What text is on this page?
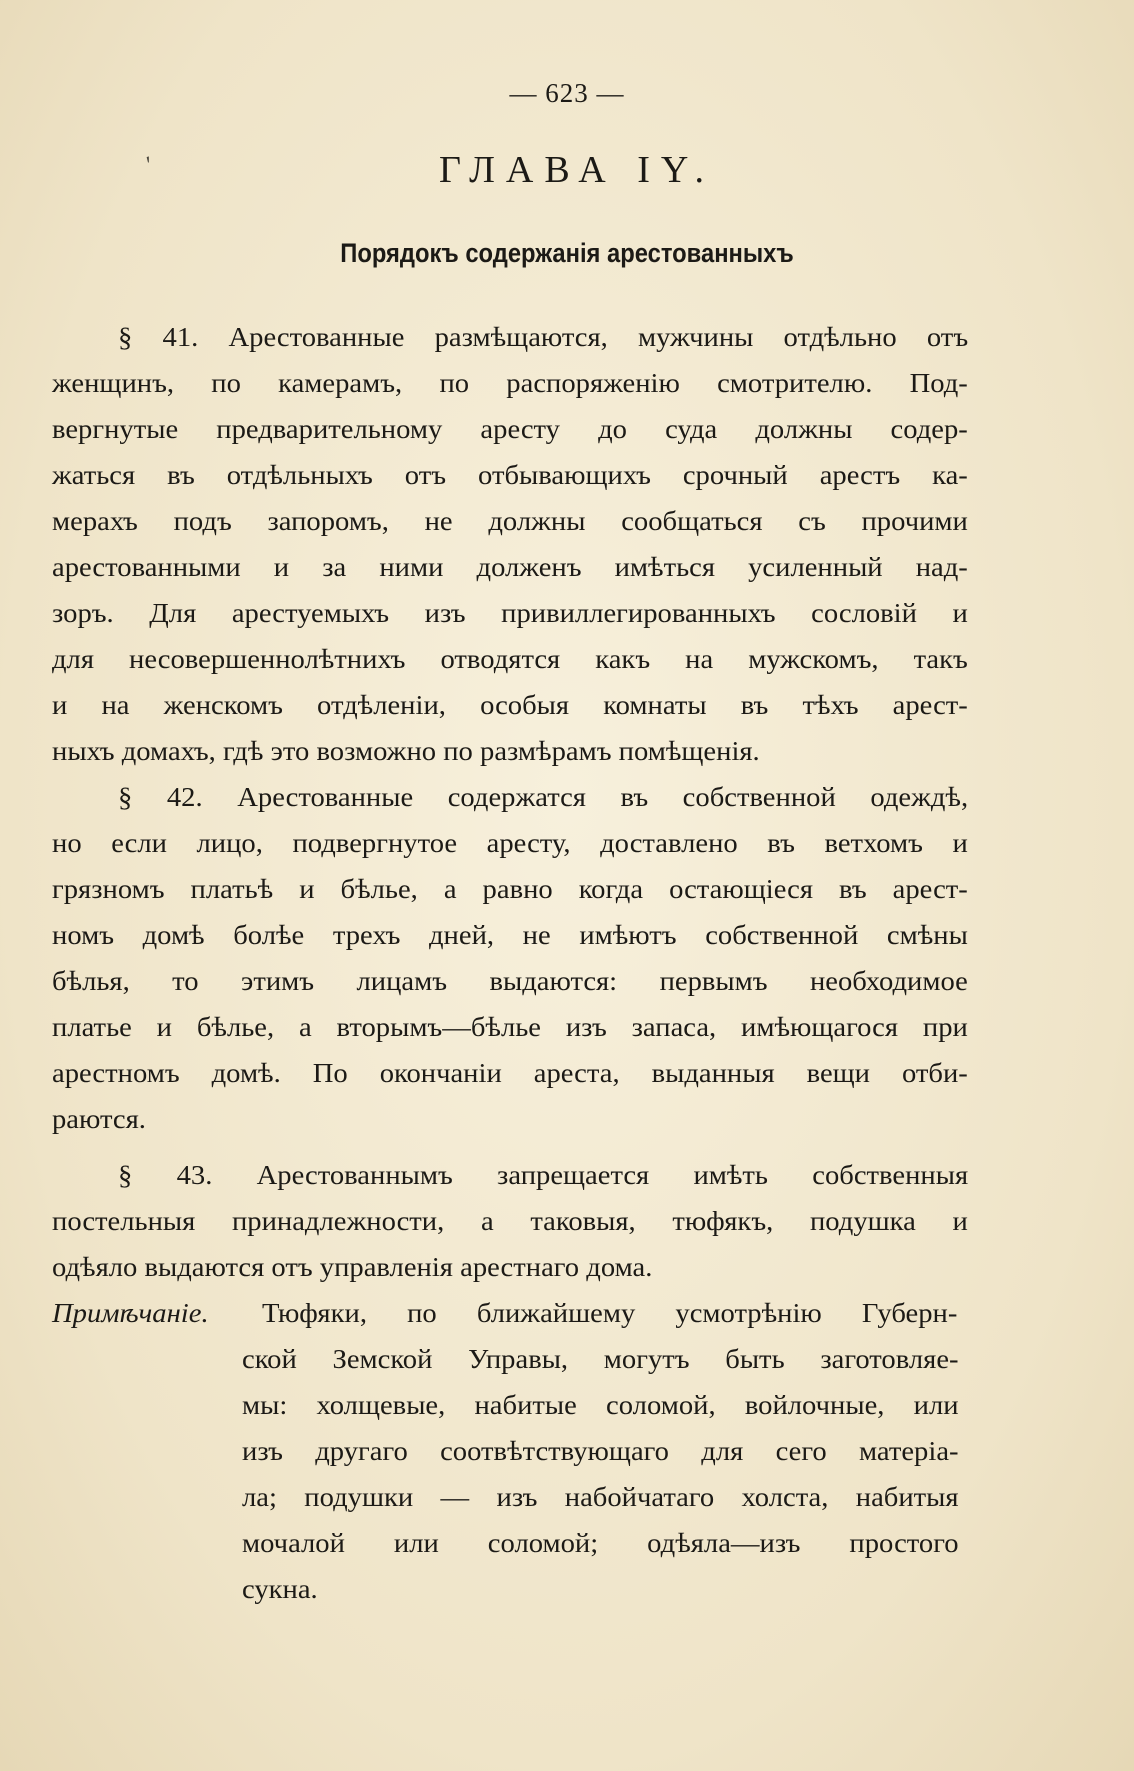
— 623 —
ʹ	ГЛАВА IY.
Порядокъ содержанія арестованныхъ
§ 41. Арестованные размѣщаются, мужчины отдѣльно отъ
женщинъ, по камерамъ, по распоряженію смотрителю. Под-
вергнутые предварительному аресту до суда должны содер-
жаться въ отдѣльныхъ отъ отбывающихъ срочный арестъ ка-
мерахъ подъ запоромъ, не должны сообщаться съ прочими
арестованными и за ними долженъ имѣться усиленный над-
зоръ. Для арестуемыхъ изъ привиллегированныхъ сословій и
для несовершеннолѣтнихъ отводятся какъ на мужскомъ, такъ
и на женскомъ отдѣленіи, особыя комнаты въ тѣхъ арест-
ныхъ домахъ, гдѣ это возможно по размѣрамъ помѣщенія.
§ 42. Арестованные содержатся въ собственной одеждѣ,
но если лицо, подвергнутое аресту, доставлено въ ветхомъ и
грязномъ платьѣ и бѣлье, а равно когда остающіеся въ арест-
номъ домѣ болѣе трехъ дней, не имѣютъ собственной смѣны
бѣлья, то этимъ лицамъ выдаются: первымъ необходимое
платье и бѣлье, а вторымъ—бѣлье изъ запаса, имѣющагося при
арестномъ домѣ. По окончаніи ареста, выданныя вещи отби-
раются.
§ 43. Арестованнымъ запрещается имѣть собственныя
постельныя принадлежности, а таковыя, тюфякъ, подушка и
одѣяло выдаются отъ управленія арестнаго дома.
Примѣчаніе. Тюфяки, по ближайшему усмотрѣнію Губерн-
ской Земской Управы, могутъ быть заготовляе-
мы: холщевые, набитые соломой, войлочные, или
изъ другаго соотвѣтствующаго для сего матеріа-
ла; подушки — изъ набойчатаго холста, набитыя
мочалой или соломой; одѣяла—изъ простого
сукна.
